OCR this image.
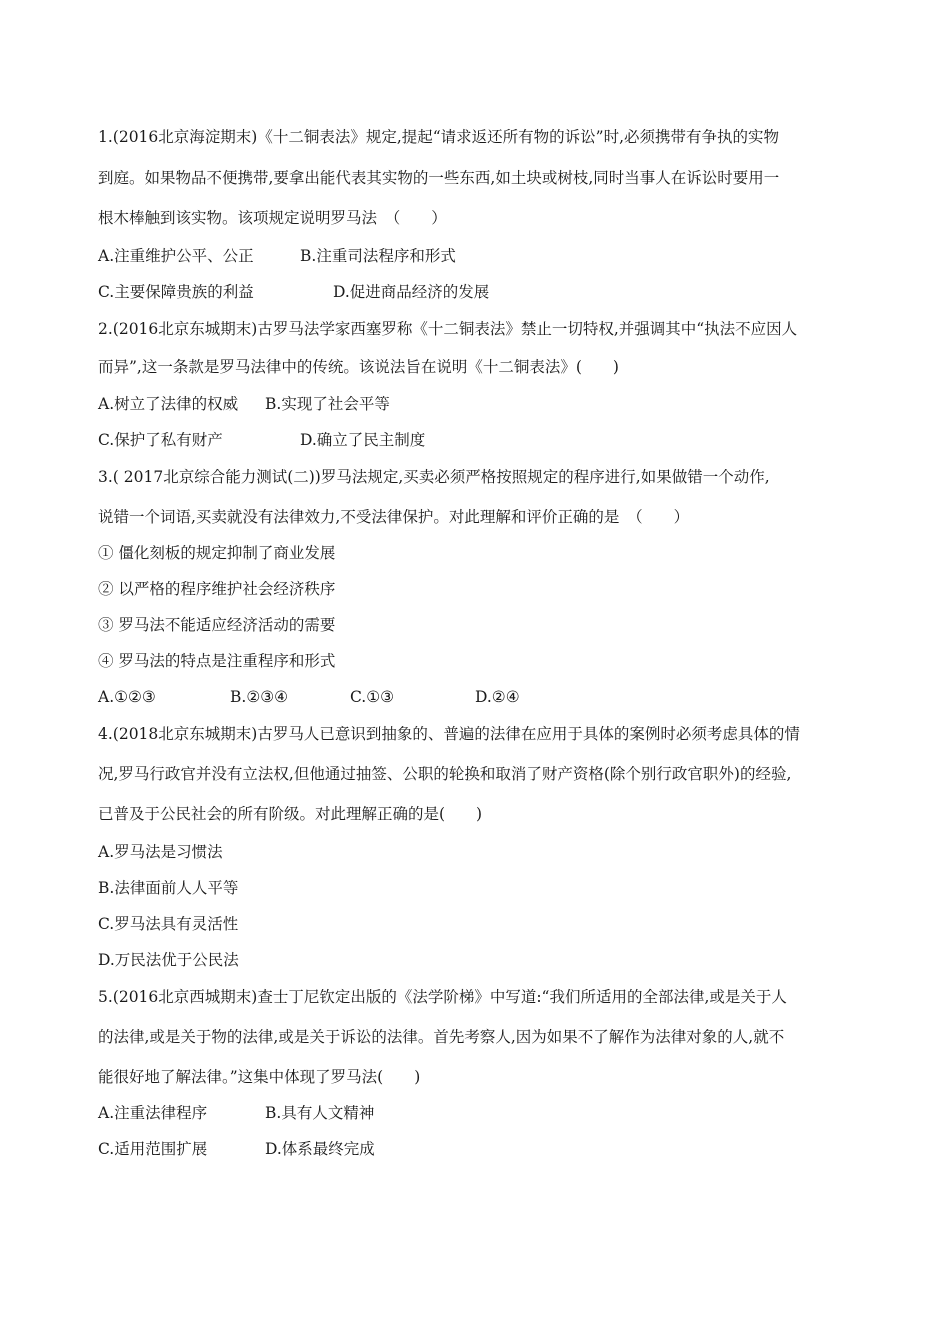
1.(2016北京海淀期末)《十二铜表法》规定,提起“请求返还所有物的诉讼”时,必须携带有争执的实物
到庭。如果物品不便携带,要拿出能代表其实物的一些东西,如土块或树枝,同时当事人在诉讼时要用一
根木棒触到该实物。该项规定说明罗马法　（　　）
A.注重维护公平、公正	B.注重司法程序和形式
C.主要保障贵族的利益	D.促进商品经济的发展
2.(2016北京东城期末)古罗马法学家西塞罗称《十二铜表法》禁止一切特权,并强调其中“执法不应因人
而异”,这一条款是罗马法律中的传统。该说法旨在说明《十二铜表法》(　　)
A.树立了法律的权威 B.实现了社会平等
C.保护了私有财产	D.确立了民主制度
3.( 2017北京综合能力测试(二))罗马法规定,买卖必须严格按照规定的程序进行,如果做错一个动作,
说错一个词语,买卖就没有法律效力,不受法律保护。对此理解和评价正确的是　（　　）
① 僵化刻板的规定抑制了商业发展
② 以严格的程序维护社会经济秩序
③ 罗马法不能适应经济活动的需要
④ 罗马法的特点是注重程序和形式
A.①②③	B.②③④	C.①③	D.②④
4.(2018北京东城期末)古罗马人已意识到抽象的、普遍的法律在应用于具体的案例时必须考虑具体的情
况,罗马行政官并没有立法权,但他通过抽签、公职的轮换和取消了财产资格(除个别行政官职外)的经验,
已普及于公民社会的所有阶级。对此理解正确的是(　　)
A.罗马法是习惯法
B.法律面前人人平等
C.罗马法具有灵活性
D.万民法优于公民法
5.(2016北京西城期末)查士丁尼钦定出版的《法学阶梯》中写道:“我们所适用的全部法律,或是关于人
的法律,或是关于物的法律,或是关于诉讼的法律。首先考察人,因为如果不了解作为法律对象的人,就不
能很好地了解法律。”这集中体现了罗马法(　　)
A.注重法律程序	B.具有人文精神
C.适用范围扩展	D.体系最终完成
